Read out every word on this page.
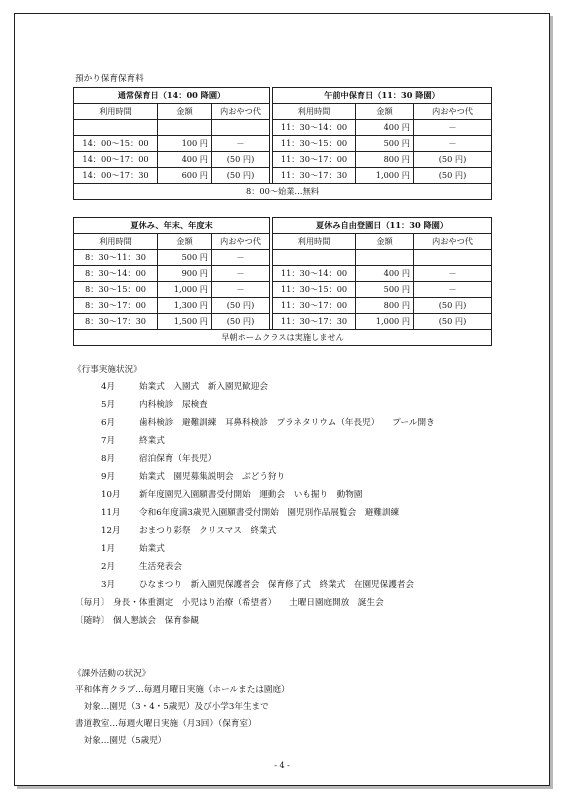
預かり保育保育料
通常保育日（14：00 降園）				午前中保育日（11：30 降園）		
利用時間	金額	内おやつ代		利用時間	金額	内おやつ代
				11：30～14：00	400 円	－
14：00～15：00	100 円	－		11：30～15：00	500 円	－
14：00～17：00	400 円	(50 円)		11：30～17：00	800 円	(50 円)
14：00～17：30	600 円	(50 円)		11：30～17：30	1,000 円	(50 円)
8：00～始業…無料						
夏休み、年末、年度末				夏休み自由登園日（11：30 降園）		
利用時間	金額	内おやつ代		利用時間	金額	内おやつ代
8：30～11：30	500 円	－				
8：30～14：00	900 円	－		11：30～14：00	400 円	－
8：30～15：00	1,000 円	－		11：30～15：00	500 円	－
8：30～17：00	1,300 円	(50 円)		11：30～17：00	800 円	(50 円)
8：30～17：30	1,500 円	(50 円)		11：30～17：30	1,000 円	(50 円)
早朝ホームクラスは実施しません						
《行事実施状況》
4月	始業式　入園式　新入園児歓迎会
5月	内科検診　尿検査
6月	歯科検診　避難訓練　耳鼻科検診　プラネタリウム（年長児）　　プール開き
7月	終業式
8月	宿泊保育（年長児）
9月	始業式　園児募集説明会　ぶどう狩り
10月 新年度園児入園願書受付開始　運動会　いも掘り　動物園
11月 令和6年度満3歳児入園願書受付開始　園児別作品展覧会　避難訓練
12月 おまつり彩祭　クリスマス　終業式
1月	始業式
2月	生活発表会
3月	ひなまつり　新入園児保護者会　保育修了式　終業式　在園児保護者会
〔毎月〕 身長・体重測定　小児はり治療（希望者）　　土曜日園庭開放　誕生会
〔随時〕 個人懇談会　保育参観
《課外活動の状況》
平和体育クラブ…毎週月曜日実施（ホールまたは園庭）
　対象…園児（3・4・5歳児）及び小学3年生まで
書道教室…毎週火曜日実施（月3回）（保育室）
　対象…園児（5歳児）
- 4 -
